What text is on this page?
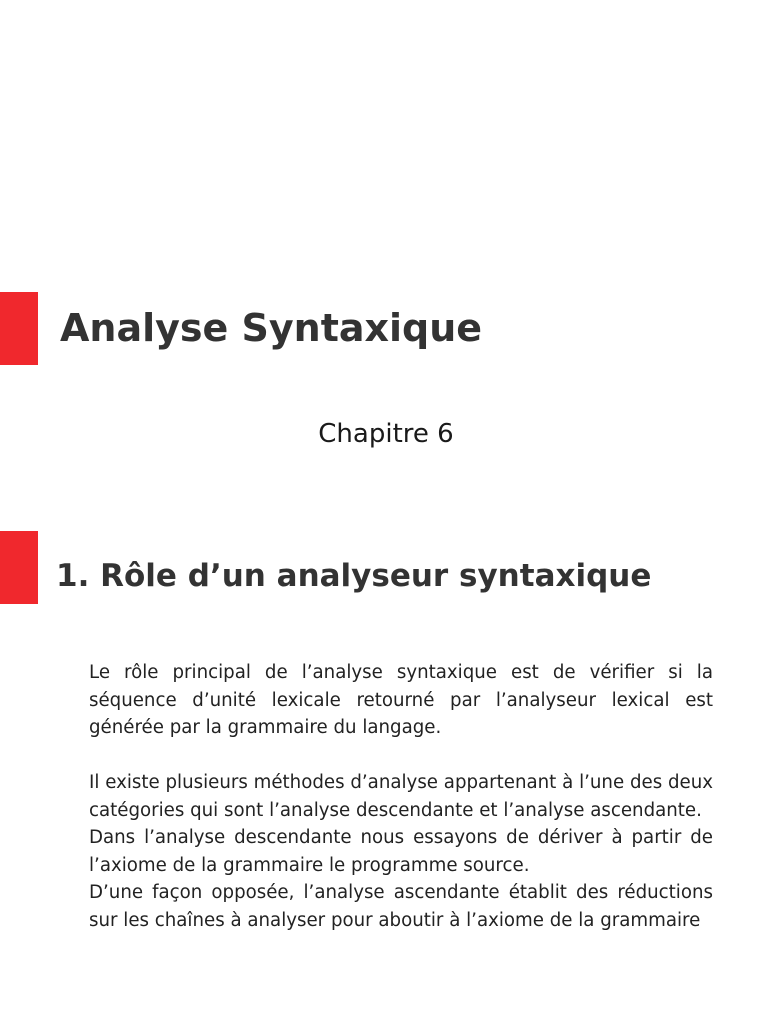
Analyse Syntaxique
Chapitre 6
1. Rôle d’un analyseur syntaxique

Le rôle principal de l’analyse syntaxique est de vérifier si la séquence d’unité lexicale retourné par l’analyseur lexical est générée par la grammaire du langage.

Il existe plusieurs méthodes d’analyse appartenant à l’une des deux catégories qui sont l’analyse descendante et l’analyse ascendante.

Dans l’analyse descendante nous essayons de dériver à partir de l’axiome de la grammaire le programme source.

D’une façon opposée, l’analyse ascendante établit des réductions sur les chaînes à analyser pour aboutir à l’axiome de la grammaire
